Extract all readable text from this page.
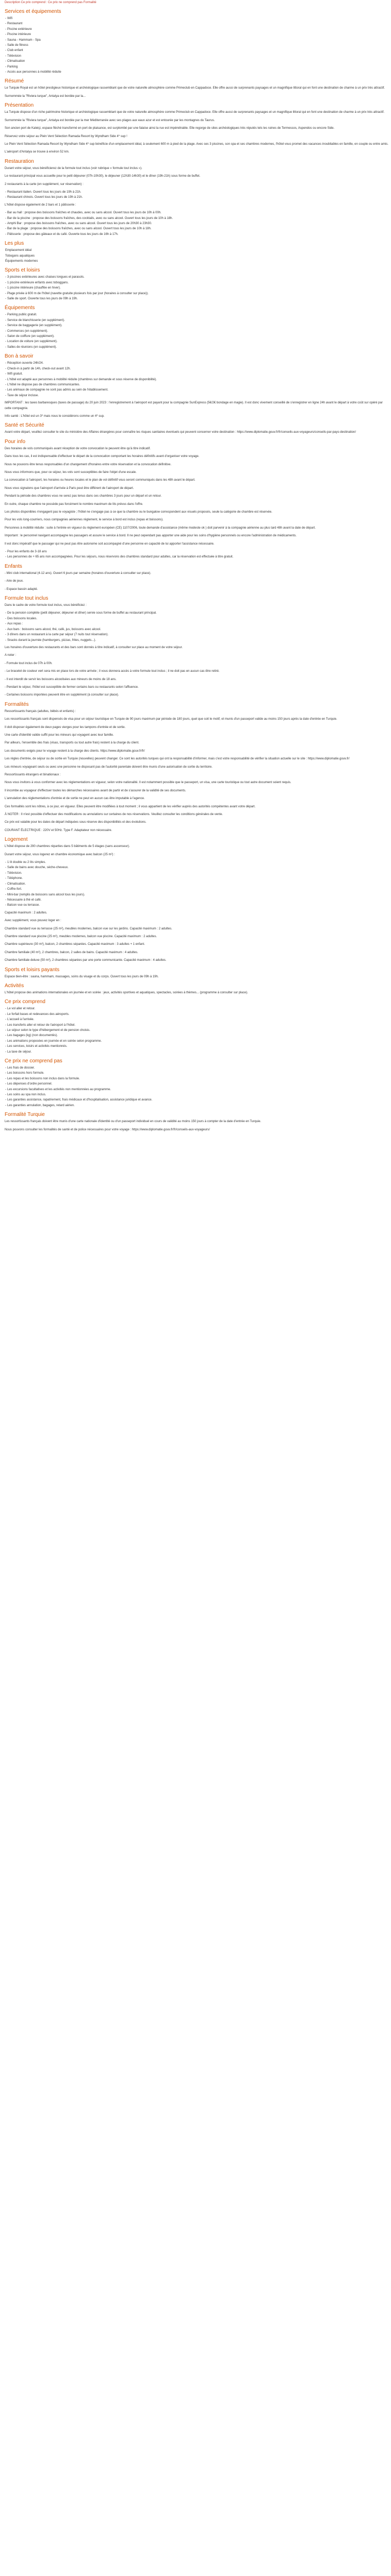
Description Ce prix comprend : Ce prix ne comprend pas Formalité
Services et équipements
- Wifi
- Restaurant
- Piscine extérieure
- Piscine intérieure
- Sauna - Hammam - Spa
- Salle de fitness
- Club enfant
- Télévision
- Climatisation
- Parking
- Accès aux personnes à mobilité réduite
Résumé

Le Turquie Royal est un hôtel prestigieux historique et archéologique rassemblant que de votre naturelle atmosphère comme Primeclub en Cappadoce. Elle offre aussi de surprenants paysages et un magnifique littoral qui en font une destination de charme à un prix très attractif.

Surnommée la "Riviera turque", Antalya est bordée par la...

Présentation

La Turquie dispose d'un riche patrimoine historique et archéologique rassemblant que de votre naturelle atmosphère comme Primeclub en Cappadoce. Elle offre aussi de surprenants paysages et un magnifique littoral qui en font une destination de charme à un prix très attractif.

Surnommée la "Riviera turque", Antalya est bordée par la mer Méditerranée avec ses plages aux eaux azur et est entourée par les montagnes du Taurus.

Son ancien port de Kaleiçi, espace fléché transformé en port de plaisance, est surplombé par une falaise ainsi la rue est impénétrable. Elle regorge de sites archéologiques très réputés tels les ruines de Termessos, Aspendos ou encore Side.

Réservez votre séjour au Plein Vent Sélection Ramada Resort by Wyndham Side 4* sup !

Le Plein Vent Sélection Ramada Resort by Wyndham Side 4* sup bénéficie d'un emplacement idéal, à seulement 600 m à pied de la plage. Avec ses 3 piscines, son spa et ses chambres modernes, l'hôtel vous promet des vacances inoubliables en famille, en couple ou entre amis.

L'aéroport d'Antalya se trouve à environ 52 km.

Restauration

Durant votre séjour, vous bénéficierez de la formule tout inclus (voir rubrique « formule tout inclus »).

Le restaurant principal vous accueille pour le petit déjeuner (07h-10h30), le déjeuner (12h30-14h30) et le dîner (19h-21h) sous forme de buffet.

2 restaurants à la carte (en supplément, sur réservation) :

- Restaurant italien. Ouvert tous les jours de 19h à 21h.
- Restaurant chinois. Ouvert tous les jours de 19h à 21h.

L'hôtel dispose également de 2 bars et 1 pâtisserie :

- Bar au hall : propose des boissons fraîches et chaudes, avec ou sans alcool. Ouvert tous les jours de 10h à 00h.
- Bar de la piscine : propose des boissons fraîches, des cocktails, avec ou sans alcool. Ouvert tous les jours de 10h à 18h.
- Amphi Bar : propose des boissons fraîches, avec ou sans alcool. Ouvert tous les jours de 20h30 à 23h30.
- Bar de la plage : propose des boissons fraîches, avec ou sans alcool. Ouvert tous les jours de 10h à 18h.
- Pâtisserie : propose des gâteaux et du café. Ouverte tous les jours de 16h à 17h.
Les plus
Emplacement idéal
Tobogans aquatiques
Équipements modernes
Sports et loisirs
- 3 piscines extérieures avec chaises longues et parasols.
- 1 piscine extérieure enfants avec toboggans.
- 1 piscine intérieure (chauffée en hiver).
- Plage privée à 600 m de l'hôtel (navette gratuite plusieurs fois par jour (horaires à consulter sur place)).
- Salle de sport. Ouverte tous les jours de 09h à 19h.
Équipements
- Parking public gratuit.
- Service de blanchisserie (en supplément).
- Service de baggagerie (en supplément).
- Commerces (en supplément).
- Salon de coiffure (en supplément).
- Location de voiture (en supplément).
- Salles de réunions (en supplément).
Bon à savoir
- Réception ouverte 24h/24.
- Check-in à partir de 14h, check-out avant 12h.
- Wifi gratuit.
- L'hôtel est adapté aux personnes à mobilité réduite (chambres sur demande et sous réserve de disponibilité).
- L'hôtel ne dispose pas de chambres communicantes.
- Les animaux de compagnie ne sont pas admis au sein de l'établissement.
- Taxe de séjour incluse.

IMPORTANT : les taxes barbaresques (taxes de passage) du 20 juin 2023 : l'enregistrement à l'aéroport est payant pour la compagnie SunExpress (5€/2€ bondage en magie). Il est donc vivement conseillé de s'enregistrer en ligne 24h avant le départ à votre coût sur opéré par cette compagnie.

Info santé : L'hôtel est un 3* mais nous le considérons comme un 4* sup.

Santé et Sécurité

Avant votre départ, veuillez consulter le site du ministère des Affaires étrangères pour connaître les risques sanitaires éventuels qui peuvent concerner votre destination : https://www.diplomatie.gouv.fr/fr/conseils-aux-voyageurs/conseils-par-pays-destination/

Pour info

Des horaires de vols communiqués avant réception de votre convocation le peuvent être qu'à titre indicatif.

Dans tous les cas, il est indispensable d'effectuer le départ de la convocation comportant les horaires définitifs avant d'organiser votre voyage.

Nous ne pouvons être tenus responsables d'un changement d'horaires entre votre réservation et la convocation définitive.

Nous vous informons que, pour ce séjour, les vols sont susceptibles de faire l'objet d'une escale.

La convocation à l'aéroport, les horaires ou heures locales et le plan de vol définitif vous seront communiqués dans les 48h avant le départ.

Nous vous signalons que l'aéroport d'arrivée à Paris peut être différent de l'aéroport de départ.

Pendant la période des chambres vous ne serez pas tenus dans ces chambres 3 jours pour un départ et un retour.

En outre, chaque chambre ne possède pas forcément le nombre maximum de lits prévus dans l'offre.

Les photos disponibles n'engagent pas le voyagiste ; l'hôtel ne s'engage pas à ce que la chambre ou le bungalow correspondent aux visuels proposés, seule la catégorie de chambre est réservée.

Pour les vols long-courriers, nous compagnies aériennes règlement, le service à bord est inclus (repas et boissons).

Personnes à mobilité réduite : suite à l'entrée en vigueur du règlement européen (CE) 1107/2006, toute demande d'assistance (même modeste ok ) doit parvenir à la compagnie aérienne au plus tard 48h avant la date de départ.

Important : le personnel navigant accompagne les passagers et assure le service à bord. Il ne peut cependant pas apporter une aide pour les soins d'hygiène personnels ou encore l'administration de médicaments.

Il est donc impératif que le passager qui ne peut pas être autonome soit accompagné d'une personne en capacité de lui apporter l'assistance nécessaire.

- Pour les enfants de 3-18 ans
- Les personnes de + 65 ans non accompagnées. Pour les séjours, nous réservons des chambres standard pour adultes, car la réservation est effectuée à titre gratuit.
Enfants

- Mini club international (4-12 ans). Ouvert 6 jours par semaine (horaires d'ouverture à consulter sur place).

- Aire de jeux.

- Espace bassin adapté.

Formule tout inclus

Dans le cadre de votre formule tout inclus, vous bénéficiez :

- De la pension complète (petit déjeuner, déjeuner et dîner) servie sous forme de buffet au restaurant principal.
- Des boissons locales.
- Aux repas :
- Aux bars : boissons sans alcool, thé, café, jus, boissons avec alcool.
- 3 dîners dans un restaurant à la carte par séjour (7 nuits tout réservation).
- Snacks durant la journée (hamburgers, pizzas, frites, nuggets...).

Les horaires d'ouverture des restaurants et des bars sont donnés à titre indicatif, à consulter sur place au moment de votre séjour.

A noter :

- Formule tout inclus de 07h à 00h.

- Le bracelet de couleur vert sera mis en place lors de votre arrivée ; il vous donnera accès à votre formule tout inclus ; il ne doit pas en aucun cas être retiré.

- Il est interdit de servir les boissons alcoolisées aux mineurs de moins de 18 ans.

- Pendant le séjour, l'hôtel est susceptible de fermer certains bars ou restaurants selon l'affluence.

- Certaines boissons importées peuvent être en supplément (à consulter sur place).

Formalités

Ressortissants français (adultes, bébés et enfants) :

Les ressortissants français sont dispensés de visa pour un séjour touristique en Turquie de 90 jours maximum par période de 180 jours, quel que soit le motif, et munis d'un passeport valide au moins 150 jours après la date d'entrée en Turquie.

Il doit disposer également de deux pages vierges pour les tampons d'entrée et de sortie.

Une carte d'identité valide suffit pour les mineurs qui voyagent avec leur famille.

Par ailleurs, l'ensemble des frais (visas, transports ou tout autre frais) restent à la charge du client.

Les documents exigés pour le voyage restent à la charge des clients. https://www.diplomatie.gouv.fr/fr/

Les règles d'entrée, de séjour ou de sortie en Turquie (nouvelles) peuvent changer. Ce sont les autorités turques qui ont la responsabilité d'informer, mais c'est votre responsabilité de vérifier la situation actuelle sur le site : https://www.diplomatie.gouv.fr/

Les mineurs voyageant seuls ou avec une personne ne disposant pas de l'autorité parentale doivent être munis d'une autorisation de sortie du territoire.

Ressortissants étrangers et binationaux :

Nous vous invitons à vous conformer avec les réglementations en vigueur, selon votre nationalité. Il est notamment possible que le passeport, un visa, une carte touristique ou tout autre document soient requis.

Il incombe au voyageur d'effectuer toutes les démarches nécessaires avant de partir et de s'assurer de la validité de ses documents.

L'annulation des réglementations d'entrée et de sortie ne peut en aucun cas être imputable à l'agence.

Ces formalités sont les nôtres, à ce jour, en vigueur. Elles peuvent être modifiées à tout moment ; il vous appartient de les vérifier auprès des autorités compétentes avant votre départ.

À NOTER : Il n'est possible d'effectuer des modifications ou annulations sur certaines de nos réservations. Veuillez consulter les conditions générales de vente.

Ce prix est valable pour les dates de départ indiquées sous réserve des disponibilités et des évolutions.

COURANT ÉLECTRIQUE : 220V et 50Hz. Type F. Adaptateur non nécessaire.

Logement

L'hôtel dispose de 290 chambres réparties dans 5 bâtiments de 5 étages (sans ascenseur).

Durant votre séjour, vous logerez en chambre économique avec balcon (25 m²) :

- 1 lit double ou 2 lits simples.
- Salle de bains avec douche, sèche-cheveux.
- Télévision.
- Téléphone.
- Climatisation.
- Coffre-fort.
- Mini-bar (remplis de boissons sans alcool tous les jours).
- Nécessaire à thé et café.
- Balcon vue ou terrasse.

Capacité maximum : 2 adultes.

Avec supplément, vous pouvez loger en :

Chambre standard vue ou terrasse (25 m²), meubles modernes, balcon vue sur les jardins. Capacité maximum : 2 adultes.

Chambre standard vue piscine (25 m²), meubles modernes, balcon vue piscine. Capacité maximum : 2 adultes.

Chambre supérieure (30 m²), balcon, 2 chambres séparées. Capacité maximum : 3 adultes + 1 enfant.

Chambre familiale (40 m²), 2 chambres, balcon, 2 salles de bains. Capacité maximum : 4 adultes.

Chambre familiale deluxe (50 m²), 2 chambres séparées par une porte communicante. Capacité maximum : 4 adultes.

Sports et loisirs payants

Espace bien-être : sauna, hammam, massages, soins du visage et du corps. Ouvert tous les jours de 09h à 19h.

Activités

L'hôtel propose des animations internationales en journée et en soirée : jeux, activités sportives et aquatiques, spectacles, soirées à thèmes... (programme à consulter sur place).

Ce prix comprend
- Le vol aller et retour.
- Le forfait bases et redevances des aéroports.
- L'accueil à l'arrivée.
- Les transferts aller et retour de l'aéroport à l'hôtel.
- Le séjour selon le type d'hébergement et de pension choisis.
- Les bagages (kg) (non documentés).
- Les animations proposées en journée et en soirée selon programme.
- Les services, loisirs et activités mentionnés.
- La taxe de séjour.
Ce prix ne comprend pas
- Les frais de dossier.
- Les boissons hors formule.
- Les repas et les boissons non inclus dans la formule.
- Les dépenses d'ordre personnel.
- Les excursions facultatives et les activités non mentionnées au programme.
- Les soins au spa non inclus.
- Les garanties assistance, rapatriement, frais médicaux et d'hospitalisation, assistance juridique et avance.
- Les garanties annulation, bagages, retard aérien.
Formalité Turquie

Les ressortissants français doivent être munis d'une carte nationale d'identité ou d'un passeport individuel en cours de validité au moins 150 jours à compter de la date d'entrée en Turquie.

Nous pouvons consulter les formalités de santé et de police nécessaires pour votre voyage : https://www.diplomatie.gouv.fr/fr/conseils-aux-voyageurs/
